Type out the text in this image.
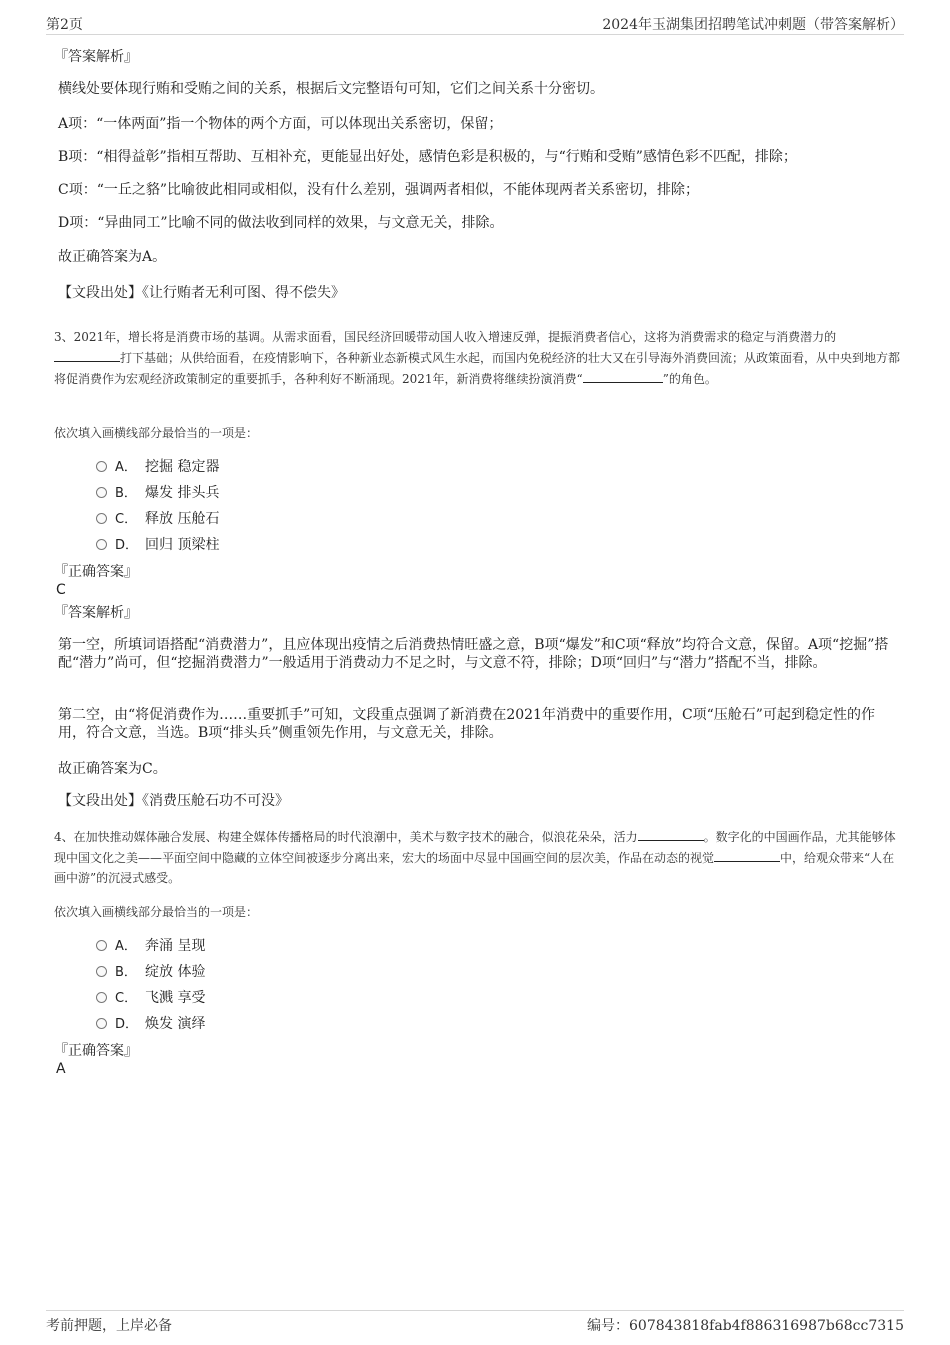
第2页	2024年玉湖集团招聘笔试冲刺题（带答案解析）
『答案解析』
横线处要体现行贿和受贿之间的关系，根据后文完整语句可知，它们之间关系十分密切。
A项：“一体两面”指一个物体的两个方面，可以体现出关系密切，保留；
B项：“相得益彰”指相互帮助、互相补充，更能显出好处，感情色彩是积极的，与“行贿和受贿”感情色彩不匹配，排除；
C项：“一丘之貉”比喻彼此相同或相似，没有什么差别，强调两者相似，不能体现两者关系密切，排除；
D项：“异曲同工”比喻不同的做法收到同样的效果，与文意无关，排除。
故正确答案为A。
【文段出处】《让行贿者无利可图、得不偿失》
3、2021年，增长将是消费市场的基调。从需求面看，国民经济回暖带动国人收入增速反弹，提振消费者信心，这将为消费需求的稳定与消费潜力的打下基础；从供给面看，在疫情影响下，各种新业态新模式风生水起，而国内免税经济的壮大又在引导海外消费回流；从政策面看，从中央到地方都将促消费作为宏观经济政策制定的重要抓手，各种利好不断涌现。2021年，新消费将继续扮演消费“	”的角色。
依次填入画横线部分最恰当的一项是：
A． 挖掘 稳定器
B． 爆发 排头兵
C． 释放 压舱石
D． 回归 顶梁柱
『正确答案』
C
『答案解析』
第一空，所填词语搭配“消费潜力”，且应体现出疫情之后消费热情旺盛之意，B项“爆发”和C项“释放”均符合文意，保留。A项“挖掘”搭配“潜力”尚可，但“挖掘消费潜力”一般适用于消费动力不足之时，与文意不符，排除；D项“回归”与“潜力”搭配不当，排除。
第二空，由“将促消费作为……重要抓手”可知，文段重点强调了新消费在2021年消费中的重要作用，C项“压舱石”可起到稳定性的作用，符合文意，当选。B项“排头兵”侧重领先作用，与文意无关，排除。
故正确答案为C。
【文段出处】《消费压舱石功不可没》
4、在加快推动媒体融合发展、构建全媒体传播格局的时代浪潮中，美术与数字技术的融合，似浪花朵朵，活力	。数字化的中国画作品，尤其能够体现中国文化之美——平面空间中隐藏的立体空间被逐步分离出来，宏大的场面中尽显中国画空间的层次美，作品在动态的视觉	中，给观众带来“人在画中游”的沉浸式感受。
依次填入画横线部分最恰当的一项是：
A． 奔涌 呈现
B． 绽放 体验
C． 飞溅 享受
D． 焕发 演绎
『正确答案』
A
考前押题，上岸必备	编号：607843818fab4f886316987b68cc7315
